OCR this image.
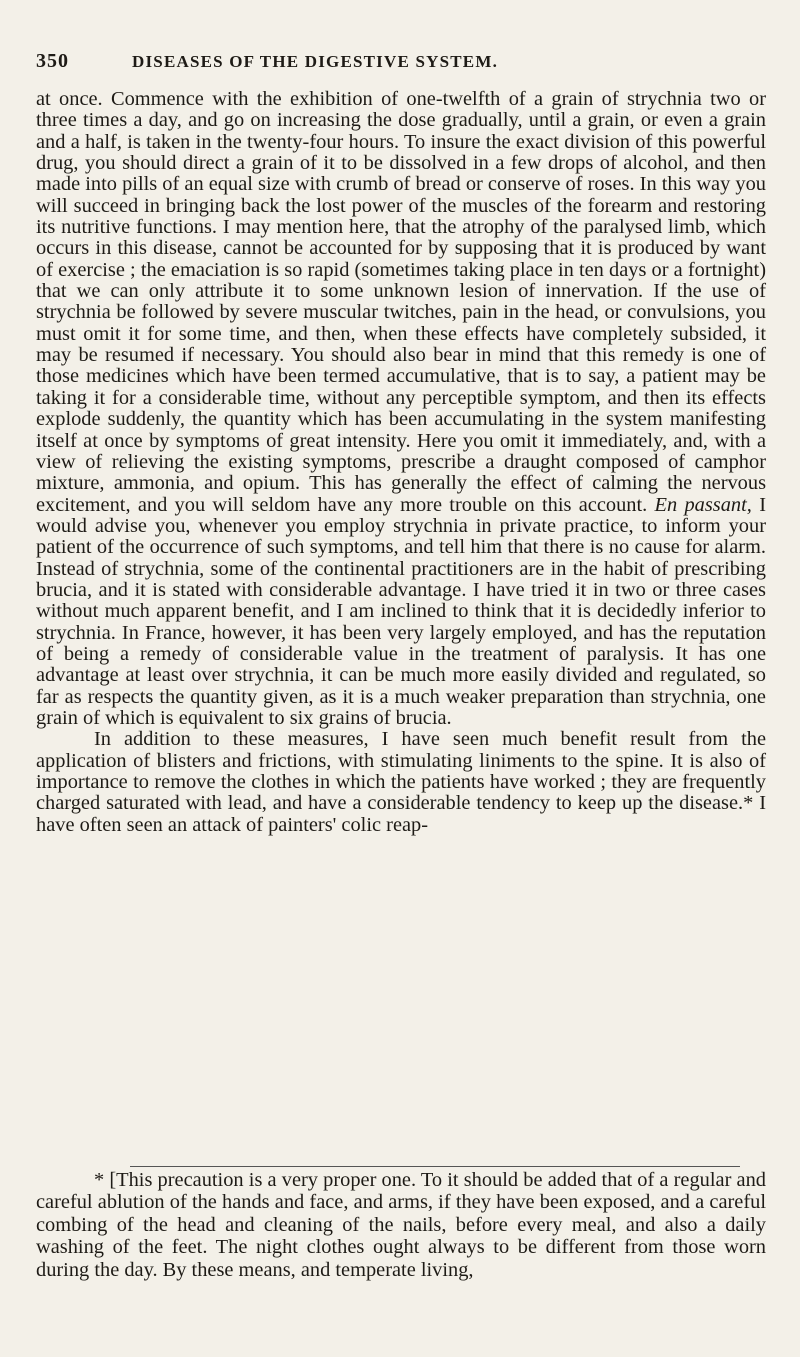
350	DISEASES OF THE DIGESTIVE SYSTEM.

at once. Commence with the exhibition of one-twelfth of a grain of strychnia two or three times a day, and go on increasing the dose gradually, until a grain, or even a grain and a half, is taken in the twenty-four hours. To insure the exact division of this powerful drug, you should direct a grain of it to be dissolved in a few drops of alcohol, and then made into pills of an equal size with crumb of bread or conserve of roses. In this way you will succeed in bringing back the lost power of the muscles of the forearm and restoring its nutritive functions. I may mention here, that the atrophy of the paralysed limb, which occurs in this disease, cannot be accounted for by supposing that it is produced by want of exercise ; the emaciation is so rapid (sometimes taking place in ten days or a fortnight) that we can only attribute it to some unknown lesion of innervation. If the use of strychnia be followed by severe muscular twitches, pain in the head, or convulsions, you must omit it for some time, and then, when these effects have completely subsided, it may be resumed if necessary. You should also bear in mind that this remedy is one of those medicines which have been termed accumulative, that is to say, a patient may be taking it for a considerable time, without any perceptible symptom, and then its effects explode suddenly, the quantity which has been accumulating in the system manifesting itself at once by symptoms of great intensity. Here you omit it immediately, and, with a view of relieving the existing symptoms, prescribe a draught composed of camphor mixture, ammonia, and opium. This has generally the effect of calming the nervous excitement, and you will seldom have any more trouble on this account. En passant, I would advise you, whenever you employ strychnia in private practice, to inform your patient of the occurrence of such symptoms, and tell him that there is no cause for alarm. Instead of strychnia, some of the continental practitioners are in the habit of prescribing brucia, and it is stated with considerable advantage. I have tried it in two or three cases without much apparent benefit, and I am inclined to think that it is decidedly inferior to strychnia. In France, however, it has been very largely employed, and has the reputation of being a remedy of considerable value in the treatment of paralysis. It has one advantage at least over strychnia, it can be much more easily divided and regulated, so far as respects the quantity given, as it is a much weaker preparation than strychnia, one grain of which is equivalent to six grains of brucia.
In addition to these measures, I have seen much benefit result from the application of blisters and frictions, with stimulating liniments to the spine. It is also of importance to remove the clothes in which the patients have worked ; they are frequently charged saturated with lead, and have a considerable tendency to keep up the disease.* I have often seen an attack of painters' colic reap-

* [This precaution is a very proper one. To it should be added that of a regular and careful ablution of the hands and face, and arms, if they have been exposed, and a careful combing of the head and cleaning of the nails, before every meal, and also a daily washing of the feet. The night clothes ought always to be different from those worn during the day. By these means, and temperate living,
